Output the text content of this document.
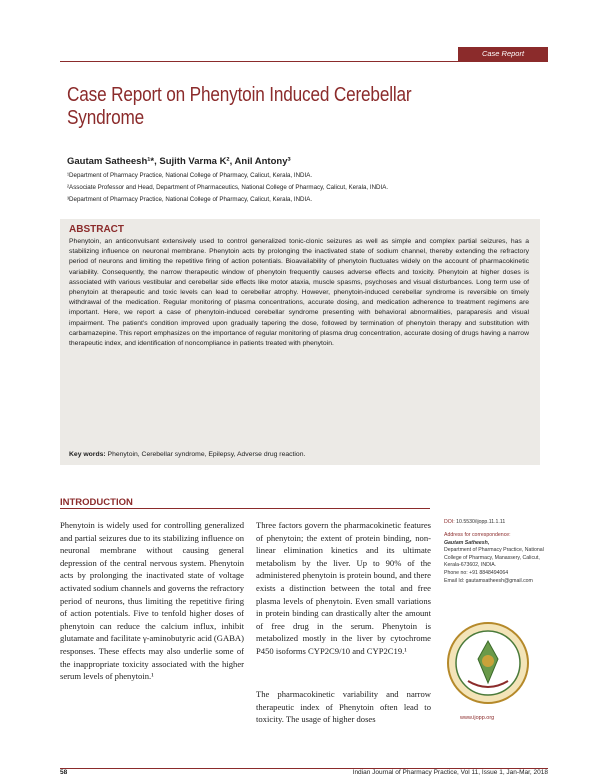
Case Report
Case Report on Phenytoin Induced Cerebellar Syndrome
Gautam Satheesh¹*, Sujith Varma K², Anil Antony³
¹Department of Pharmacy Practice, National College of Pharmacy, Calicut, Kerala, INDIA.
²Associate Professor and Head, Department of Pharmaceutics, National College of Pharmacy, Calicut, Kerala, INDIA.
³Department of Pharmacy Practice, National College of Pharmacy, Calicut, Kerala, INDIA.
ABSTRACT
Phenytoin, an anticonvulsant extensively used to control generalized tonic-clonic seizures as well as simple and complex partial seizures, has a stabilizing influence on neuronal membrane. Phenytoin acts by prolonging the inactivated state of sodium channel, thereby extending the refractory period of neurons and limiting the repetitive firing of action potentials. Bioavailability of phenytoin fluctuates widely on the account of pharmacokinetic variability. Consequently, the narrow therapeutic window of phenytoin frequently causes adverse effects and toxicity. Phenytoin at higher doses is associated with various vestibular and cerebellar side effects like motor ataxia, muscle spasms, psychoses and visual disturbances. Long term use of phenytoin at therapeutic and toxic levels can lead to cerebellar atrophy. However, phenytoin-induced cerebellar syndrome is reversible on timely withdrawal of the medication. Regular monitoring of plasma concentrations, accurate dosing, and medication adherence to treatment regimens are important. Here, we report a case of phenytoin-induced cerebellar syndrome presenting with behavioral abnormalities, paraparesis and visual impairment. The patient's condition improved upon gradually tapering the dose, followed by termination of phenytoin therapy and substitution with carbamazepine. This report emphasizes on the importance of regular monitoring of plasma drug concentration, accurate dosing of drugs having a narrow therapeutic index, and identification of noncompliance in patients treated with phenytoin.
Key words: Phenytoin, Cerebellar syndrome, Epilepsy, Adverse drug reaction.
INTRODUCTION
Phenytoin is widely used for controlling generalized and partial seizures due to its stabilizing influence on neuronal membrane without causing general depression of the central nervous system. Phenytoin acts by prolonging the inactivated state of voltage activated sodium channels and governs the refractory period of neurons, thus limiting the repetitive firing of action potentials. Five to tenfold higher doses of phenytoin can reduce the calcium influx, inhibit glutamate and facilitate γ-aminobutyric acid (GABA) responses. These effects may also underlie some of the inappropriate toxicity associated with the higher serum levels of phenytoin.¹
Three factors govern the pharmacokinetic features of phenytoin; the extent of protein binding, non-linear elimination kinetics and its ultimate metabolism by the liver. Up to 90% of the administered phenytoin is protein bound, and there exists a distinction between the total and free plasma levels of phenytoin. Even small variations in protein binding can drastically alter the amount of free drug in the serum. Phenytoin is metabolized mostly in the liver by cytochrome P450 isoforms CYP2C9/10 and CYP2C19.¹
The pharmacokinetic variability and narrow therapeutic index of Phenytoin often lead to toxicity. The usage of higher doses
DOI: 10.5530/ijopp.11.1.11
Address for correspondence:
Gautam Satheesh,
Department of Pharmacy Practice, National College of Pharmacy, Manassery, Calicut, Kerala-673602, INDIA.
Phone no: +91 8848494064
Email Id: gautamsatheesh@gmail.com
www.ijopp.org
58	Indian Journal of Pharmacy Practice, Vol 11, Issue 1, Jan-Mar, 2018
